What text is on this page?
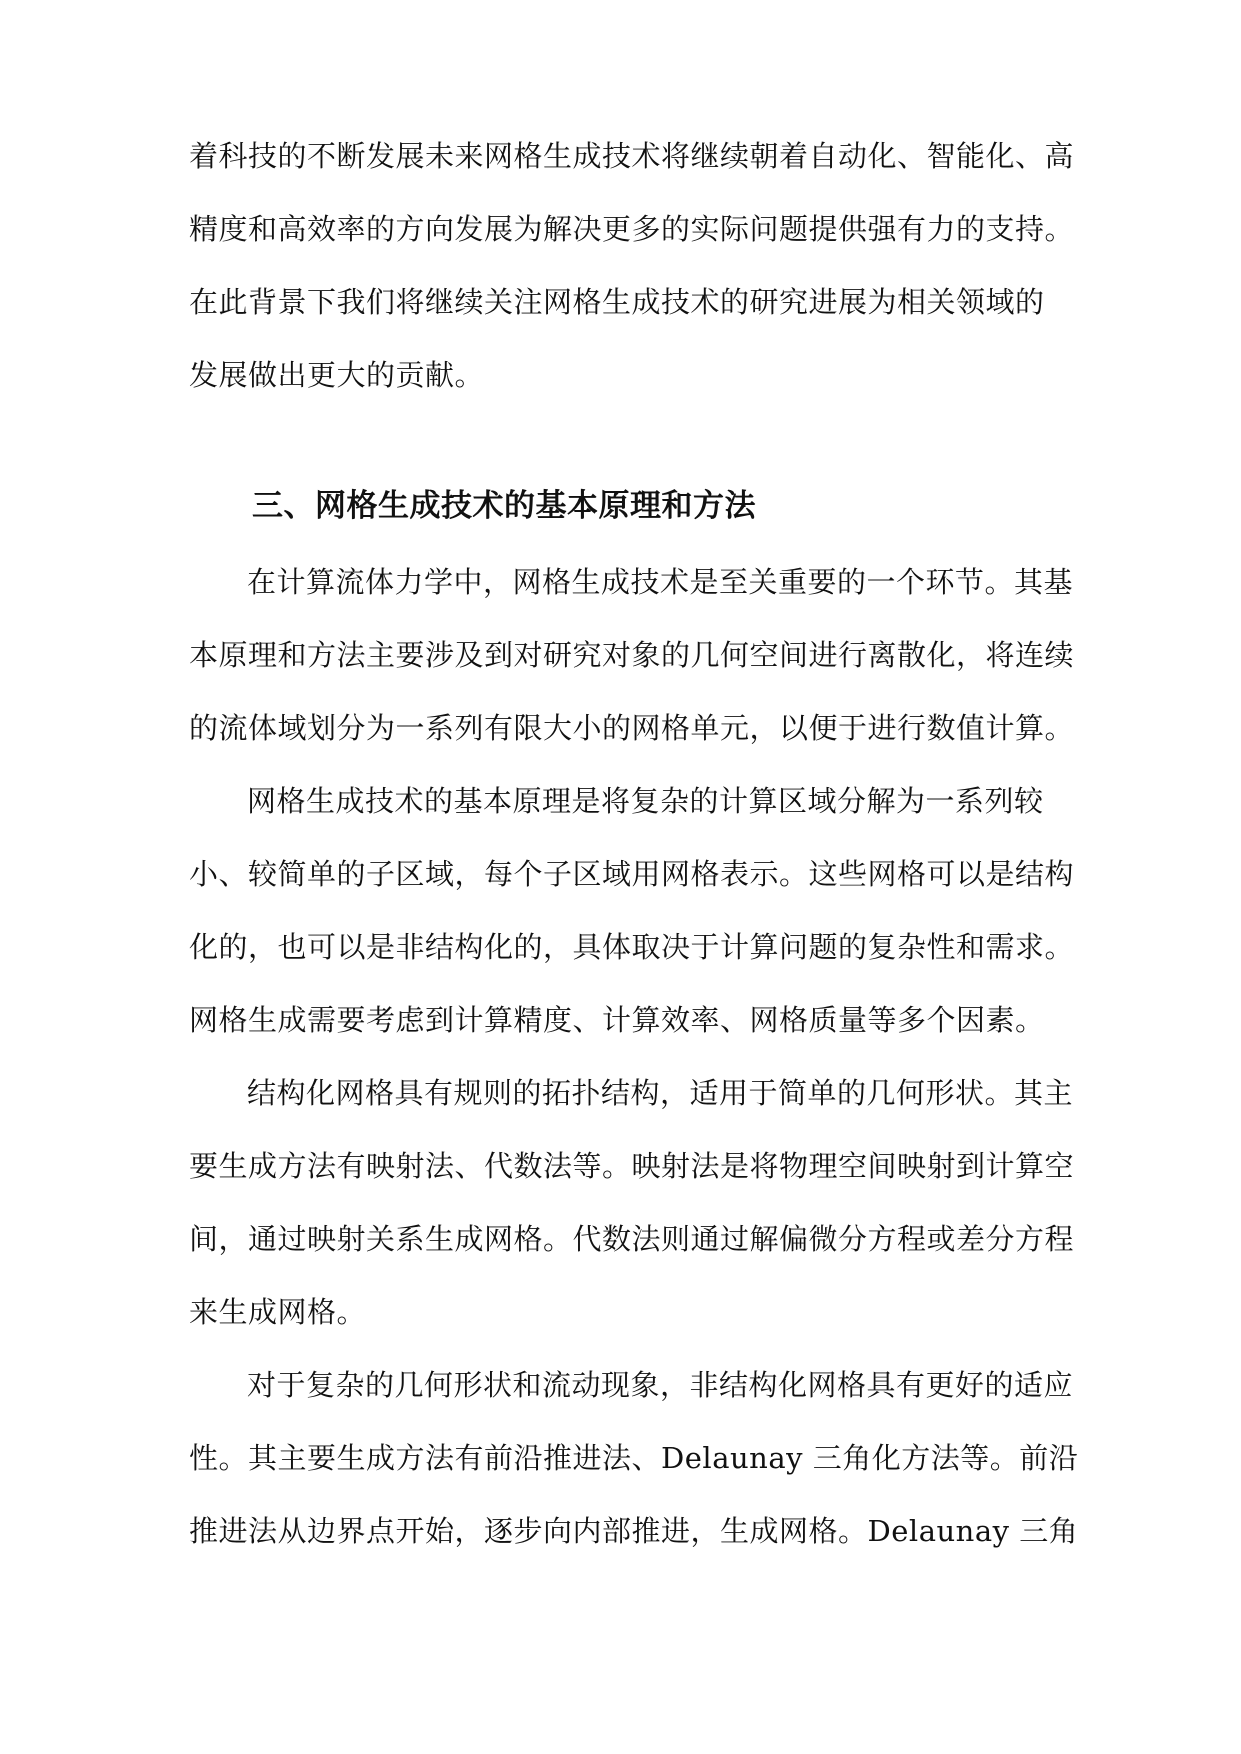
着科技的不断发展未来网格生成技术将继续朝着自动化、智能化、高
精度和高效率的方向发展为解决更多的实际问题提供强有力的支持。
在此背景下我们将继续关注网格生成技术的研究进展为相关领域的
发展做出更大的贡献。
三、网格生成技术的基本原理和方法
在计算流体力学中，网格生成技术是至关重要的一个环节。其基
本原理和方法主要涉及到对研究对象的几何空间进行离散化，将连续
的流体域划分为一系列有限大小的网格单元，以便于进行数值计算。
网格生成技术的基本原理是将复杂的计算区域分解为一系列较
小、较简单的子区域，每个子区域用网格表示。这些网格可以是结构
化的，也可以是非结构化的，具体取决于计算问题的复杂性和需求。
网格生成需要考虑到计算精度、计算效率、网格质量等多个因素。
结构化网格具有规则的拓扑结构，适用于简单的几何形状。其主
要生成方法有映射法、代数法等。映射法是将物理空间映射到计算空
间，通过映射关系生成网格。代数法则通过解偏微分方程或差分方程
来生成网格。
对于复杂的几何形状和流动现象，非结构化网格具有更好的适应
性。其主要生成方法有前沿推进法、Delaunay 三角化方法等。前沿
推进法从边界点开始，逐步向内部推进，生成网格。Delaunay 三角
